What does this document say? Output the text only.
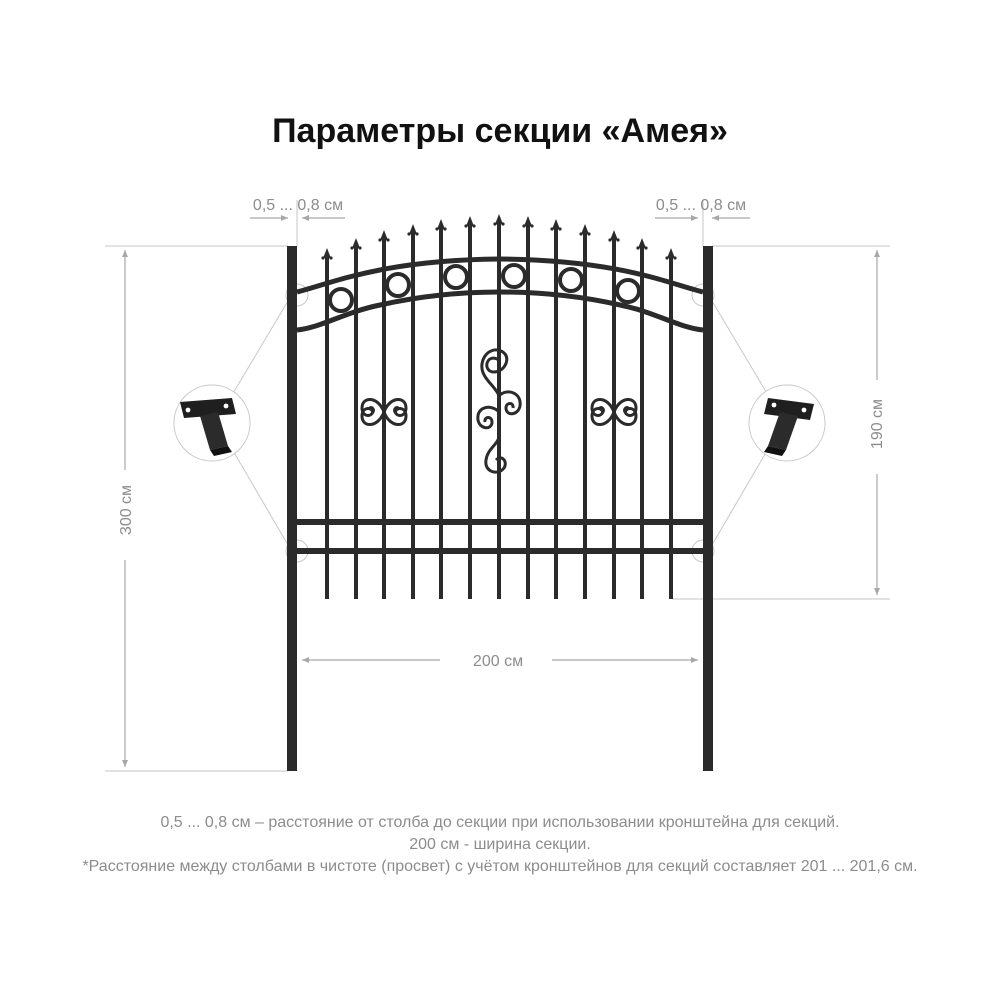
Параметры секции «Амея»
0,5 ... 0,8 см	0,5 ... 0,8 см
300 см
190 см
200 см
0,5 ... 0,8 см – расстояние от столба до секции при использовании кронштейна для секций.
200 см - ширина секции.
*Расстояние между столбами в чистоте (просвет) с учётом кронштейнов для секций составляет 201 ... 201,6 см.
